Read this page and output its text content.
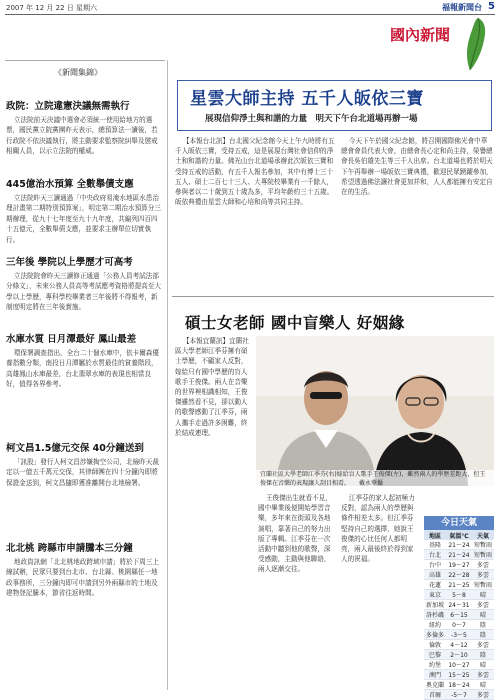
2007 年 12 月 22 日 星期六	福報新聞台 5
國內新聞
《新聞集錦》
政院：立院違憲決議無需執行
立法院前天決議中選會必須統一使用給地方的選票，國民黨立院黨團昨天表示，總預算法一讀後，若行政院不依決議執行，將主動要求監察院糾舉及懲戒相關人員，以示立法院的權威。
445億治水預算 全數舉債支應
立法院昨天三讀通過「中央政府易淹水地區水患治理計畫第二期特別預算案」，明定第二期治水預算分三期辦理，從九十七年度至九十九年度，共編列四百四十五億元，全數舉債支應，並要求主辦單位切實執行。
三年後 學院以上學歷才可高考
立法院院會昨天三讀修正通過「公務人員考試法部分條文」，未來公務人員高等考試應考資格將提高至大學以上學歷，專科學校畢業者三年後將不得報考，新制度明定將在三年後實施。
水庫水質 日月潭最好 鳳山最差
環保署調查指出，全台二十個水庫中，依卡爾森優養指數分類，南投日月潭屬於水質最佳的貧養階段，高雄鳳山水庫最差，台北翡翠水庫的表現也相當良好，值得各界參考。
柯文昌1.5億元交保 40分鐘送到
「訊股」發行人柯文昌涉嫌掏空公司，北檢昨天裁定以一億五千萬元交保，其律師團在四十分鐘內即將保證金送到，柯文昌隨即獲准離開台北地檢署。
北北桃 跨縣市申請騰本三分鐘
地政資訊網「北北桃地政跨域申請」將於下周三上線試辦，民眾只要到台北市、台北縣、桃園縣任一地政事務所，三分鐘內即可申請到另外兩縣市的土地及建物登記騰本，節省往返時間。
星雲大師主持 五千人皈依三寶
展現信仰淨土與和諧的力量　明天下午台北道場再辦一場
【本報台北訊】台北國父紀念館今天上午九時將有五千人皈依三寶，受持五戒，這是展現台灣社會信仰的淨土和和諧的力量。佛光山台北道場承辦此次皈依三寶和受持五戒的活動，有五千人報名參加，其中有博士三十五人、碩士二百七十三人、大專院校畢業有一千餘人，參與者以二十歲到五十歲為多，平均年齡約三十五歲。皈依典禮由星雲大師和心培和尚等共同主持。
今天下午於國父紀念館，將召開國際佛光會中華總會會員代表大會，由總會長心定和尚主持，榮譽總會長吳伯雄先生等三千人出席。台北道場也將於明天下午再舉辦一場皈依三寶典禮，歡迎民眾踴躍參加，希望透過佛法讓社會更加祥和，人人都能擁有安定自在的生活。
碩士女老師 國中盲樂人 好姻緣
【本報宜蘭訊】宜蘭社區大學老師江季芬擁有碩士學歷，不顧家人反對，嫁給只有國中學歷的盲人歌手王俊傑。兩人在音樂的世界裡相識相知，王俊傑雖然看不見，卻以動人的歌聲感動了江季芬，兩人攜手走過許多困難，終於結成連理。
宜蘭社區大學老師江季芬(右)嫁給盲人歌手王俊傑(左)，雖然兩人的學歷差距大，但王俊傑在音樂的表現讓人刮目相看。　　戴永華攝
王俊傑出生就看不見，國中畢業後便開始學習音樂，多年來在街頭及各地演唱，靠著自己的努力出版了專輯。江季芬在一次活動中聽到他的歌聲，深受感動，主動與他聯絡，兩人逐漸交往。
江季芬的家人起初極力反對，認為兩人的學歷與條件相差太多。但江季芬堅持自己的選擇，她說王俊傑的心比任何人都明亮，兩人最後終於得到家人的祝福。
今日天氣
地區	氣溫℃	天氣
基隆	21～24	短暫雨
台北	21～24	短暫雨
台中	19～27	多雲
高雄	22～28	多雲
花蓮	21～25	短暫雨
東京	5～8	晴
新加坡	24～31	多雲
洛杉磯	6～15	晴
紐約	0～7	陰
多倫多	-3～5	陰
倫敦	4～12	多雲
巴黎	2～10	陰
約堡	10～27	晴
澳門	15～25	多雲
奧克蘭	18～24	晴
首爾	-5～7	多雲
